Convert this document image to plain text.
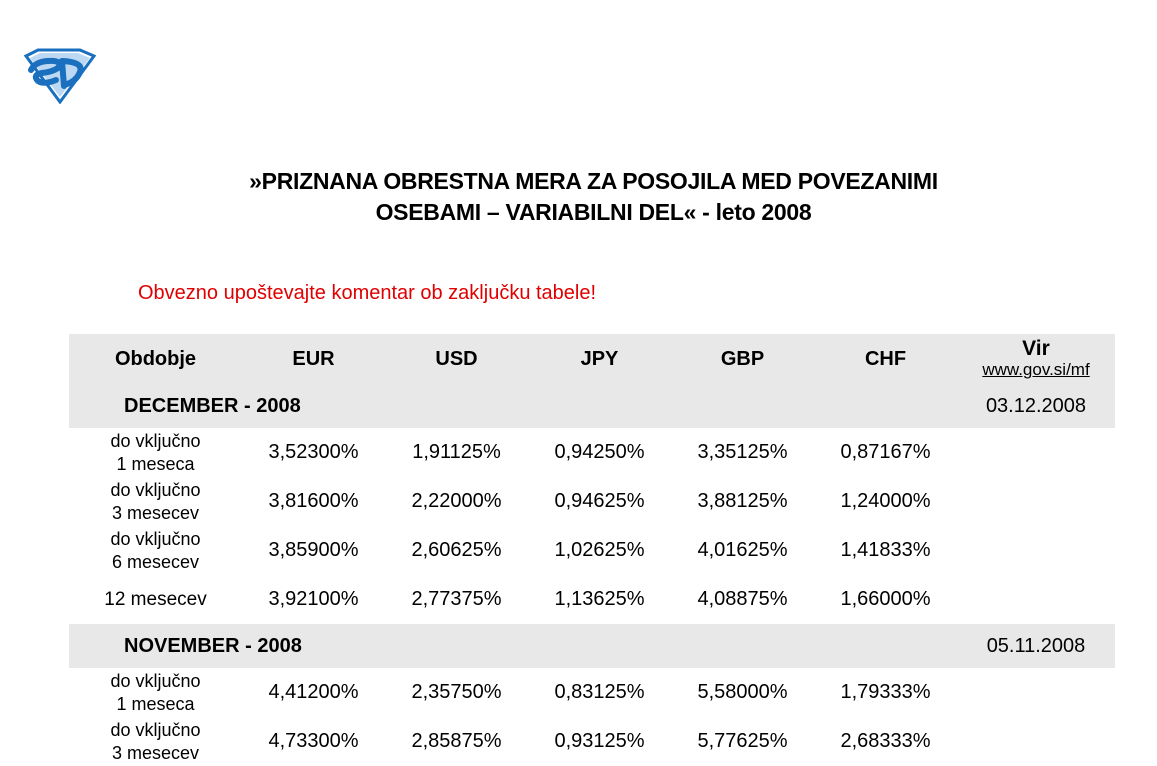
»PRIZNANA OBRESTNA MERA ZA POSOJILA MED POVEZANIMI
OSEBAMI – VARIABILNI DEL« - leto 2008
Obvezno upoštevajte komentar ob zaključku tabele!
Obdobje	EUR	USD	JPY	GBP	CHF	Vir
www.gov.si/mf

DECEMBER - 2008						03.12.2008

do vključno
1 meseca	3,52300%	1,91125%	0,94250%	3,35125%	0,87167%	

do vključno
3 mesecev	3,81600%	2,22000%	0,94625%	3,88125%	1,24000%	

do vključno
6 mesecev	3,85900%	2,60625%	1,02625%	4,01625%	1,41833%	
12 mesecev	3,92100%	2,77375%	1,13625%	4,08875%	1,66000%	
NOVEMBER - 2008						05.11.2008

do vključno
1 meseca	4,41200%	2,35750%	0,83125%	5,58000%	1,79333%	

do vključno
3 mesecev	4,73300%	2,85875%	0,93125%	5,77625%	2,68333%	
